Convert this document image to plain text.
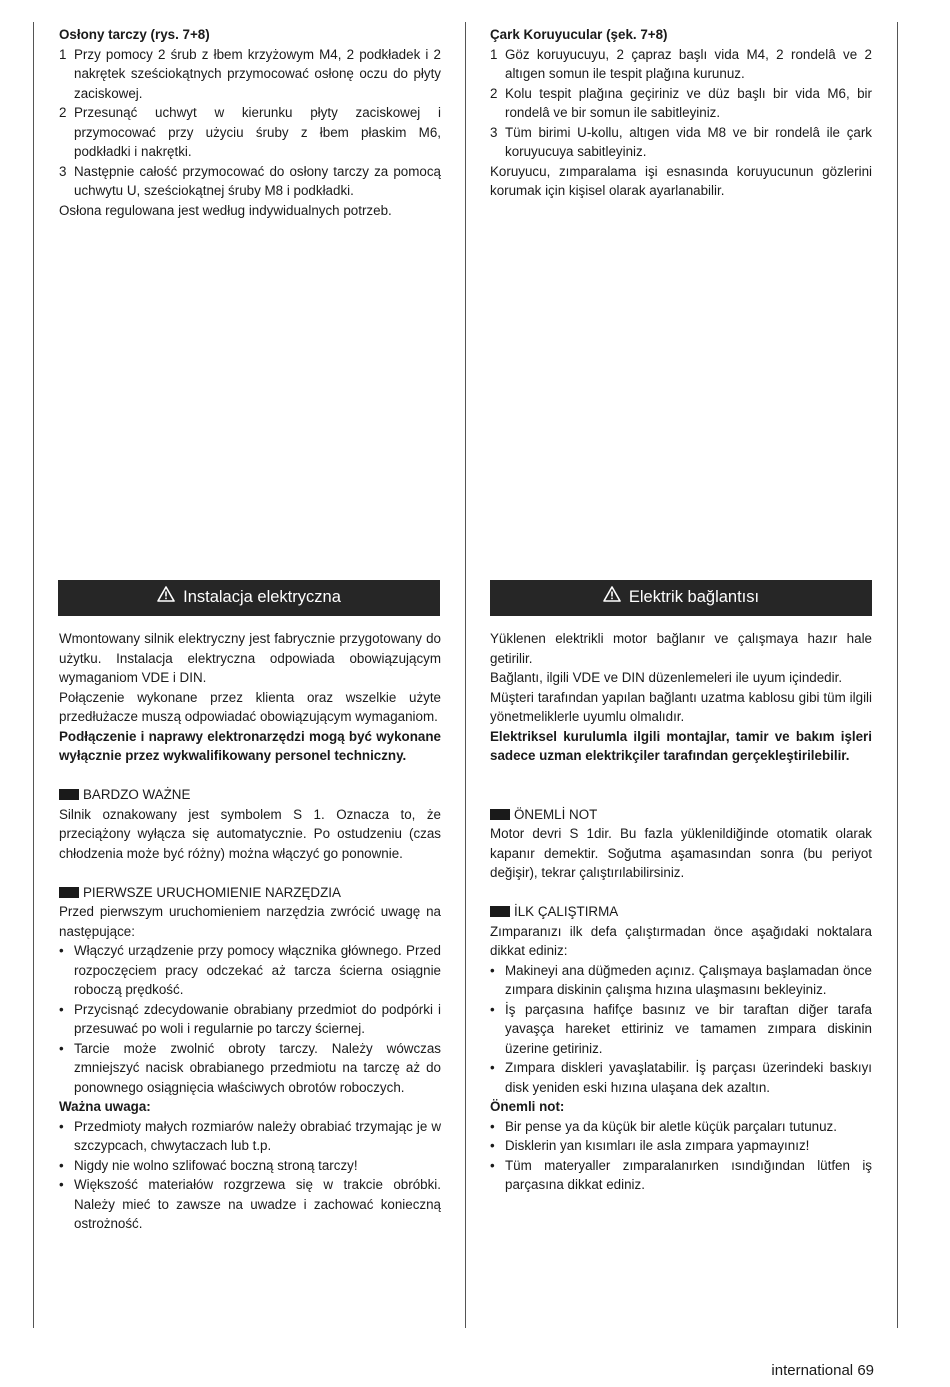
Osłony tarczy (rys. 7+8)

1 Przy pomocy 2 śrub z łbem krzyżowym M4, 2 podkładek i 2 nakrętek sześciokątnych przymocować osłonę oczu do płyty zaciskowej.
2 Przesunąć uchwyt w kierunku płyty zaciskowej i przymocować przy użyciu śruby z łbem płaskim M6, podkładki i nakrętki.
3 Następnie całość przymocować do osłony tarczy za pomocą uchwytu U, sześciokątnej śruby M8 i podkładki.

Osłona regulowana jest według indywidualnych potrzeb.

Çark Koruyucular (şek. 7+8)

1 Göz koruyucuyu, 2 çapraz başlı vida M4, 2 rondelâ ve 2 altıgen somun ile tespit plağına kurunuz.
2 Kolu tespit plağına geçiriniz ve düz başlı bir vida M6, bir rondelâ ve bir somun ile sabitleyiniz.
3 Tüm birimi U-kollu, altıgen vida M8 ve bir rondelâ ile çark koruyucuya sabitleyiniz.

Koruyucu, zımparalama işi esnasında koruyucunun gözlerini korumak için kişisel olarak ayarlanabilir.

Instalacja elektryczna	Elektrik bağlantısı

Wmontowany silnik elektryczny jest fabrycznie przygotowany do użytku. Instalacja elektryczna odpowiada obowiązującym wymaganiom VDE i DIN.

Połączenie wykonane przez klienta oraz wszelkie użyte przedłużacze muszą odpowiadać obowiązującym wymaganiom.

Podłączenie i naprawy elektronarzędzi mogą być wykonane wyłącznie przez wykwalifikowany personel techniczny.

BARDZO WAŻNE

Silnik oznakowany jest symbolem S 1. Oznacza to, że przeciążony wyłącza się automatycznie. Po ostudzeniu (czas chłodzenia może być różny) można włączyć go ponownie.

PIERWSZE URUCHOMIENIE NARZĘDZIA

Przed pierwszym uruchomieniem narzędzia zwrócić uwagę na następujące:

• Włączyć urządzenie przy pomocy włącznika głównego. Przed rozpoczęciem pracy odczekać aż tarcza ścierna osiągnie roboczą prędkość.
• Przycisnąć zdecydowanie obrabiany przedmiot do podpórki i przesuwać po woli i regularnie po tarczy ściernej.
• Tarcie może zwolnić obroty tarczy. Należy wówczas zmniejszyć nacisk obrabianego przedmiotu na tarczę aż do ponownego osiągnięcia właściwych obrotów roboczych.

Ważna uwaga:

• Przedmioty małych rozmiarów należy obrabiać trzymając je w szczypcach, chwytaczach lub t.p.
• Nigdy nie wolno szlifować boczną stroną tarczy!
• Większość materiałów rozgrzewa się w trakcie obróbki. Należy mieć to zawsze na uwadze i zachować konieczną ostrożność.

Yüklenen elektrikli motor bağlanır ve çalışmaya hazır hale getirilir.

Bağlantı, ilgili VDE ve DIN düzenlemeleri ile uyum içindedir.

Müşteri tarafından yapılan bağlantı uzatma kablosu gibi tüm ilgili yönetmeliklerle uyumlu olmalıdır.

Elektriksel kurulumla ilgili montajlar, tamir ve bakım işleri sadece uzman elektrikçiler tarafından gerçekleştirilebilir.

ÖNEMLİ NOT

Motor devri S 1dir. Bu fazla yüklenildiğinde otomatik olarak kapanır demektir. Soğutma aşamasından sonra (bu periyot değişir), tekrar çalıştırılabilirsiniz.

İLK ÇALIŞTIRMA

Zımparanızı ilk defa çalıştırmadan önce aşağıdaki noktalara dikkat ediniz:

• Makineyi ana düğmeden açınız. Çalışmaya başlamadan önce zımpara diskinin çalışma hızına ulaşmasını bekleyiniz.
• İş parçasına hafifçe basınız ve bir taraftan diğer tarafa yavaşça hareket ettiriniz ve tamamen zımpara diskinin üzerine getiriniz.
• Zımpara diskleri yavaşlatabilir. İş parçası üzerindeki baskıyı disk yeniden eski hızına ulaşana dek azaltın.

Önemli not:

• Bir pense ya da küçük bir aletle küçük parçaları tutunuz.
• Disklerin yan kısımları ile asla zımpara yapmayınız!
• Tüm materyaller zımparalanırken ısındığından lütfen iş parçasına dikkat ediniz.
international 69
